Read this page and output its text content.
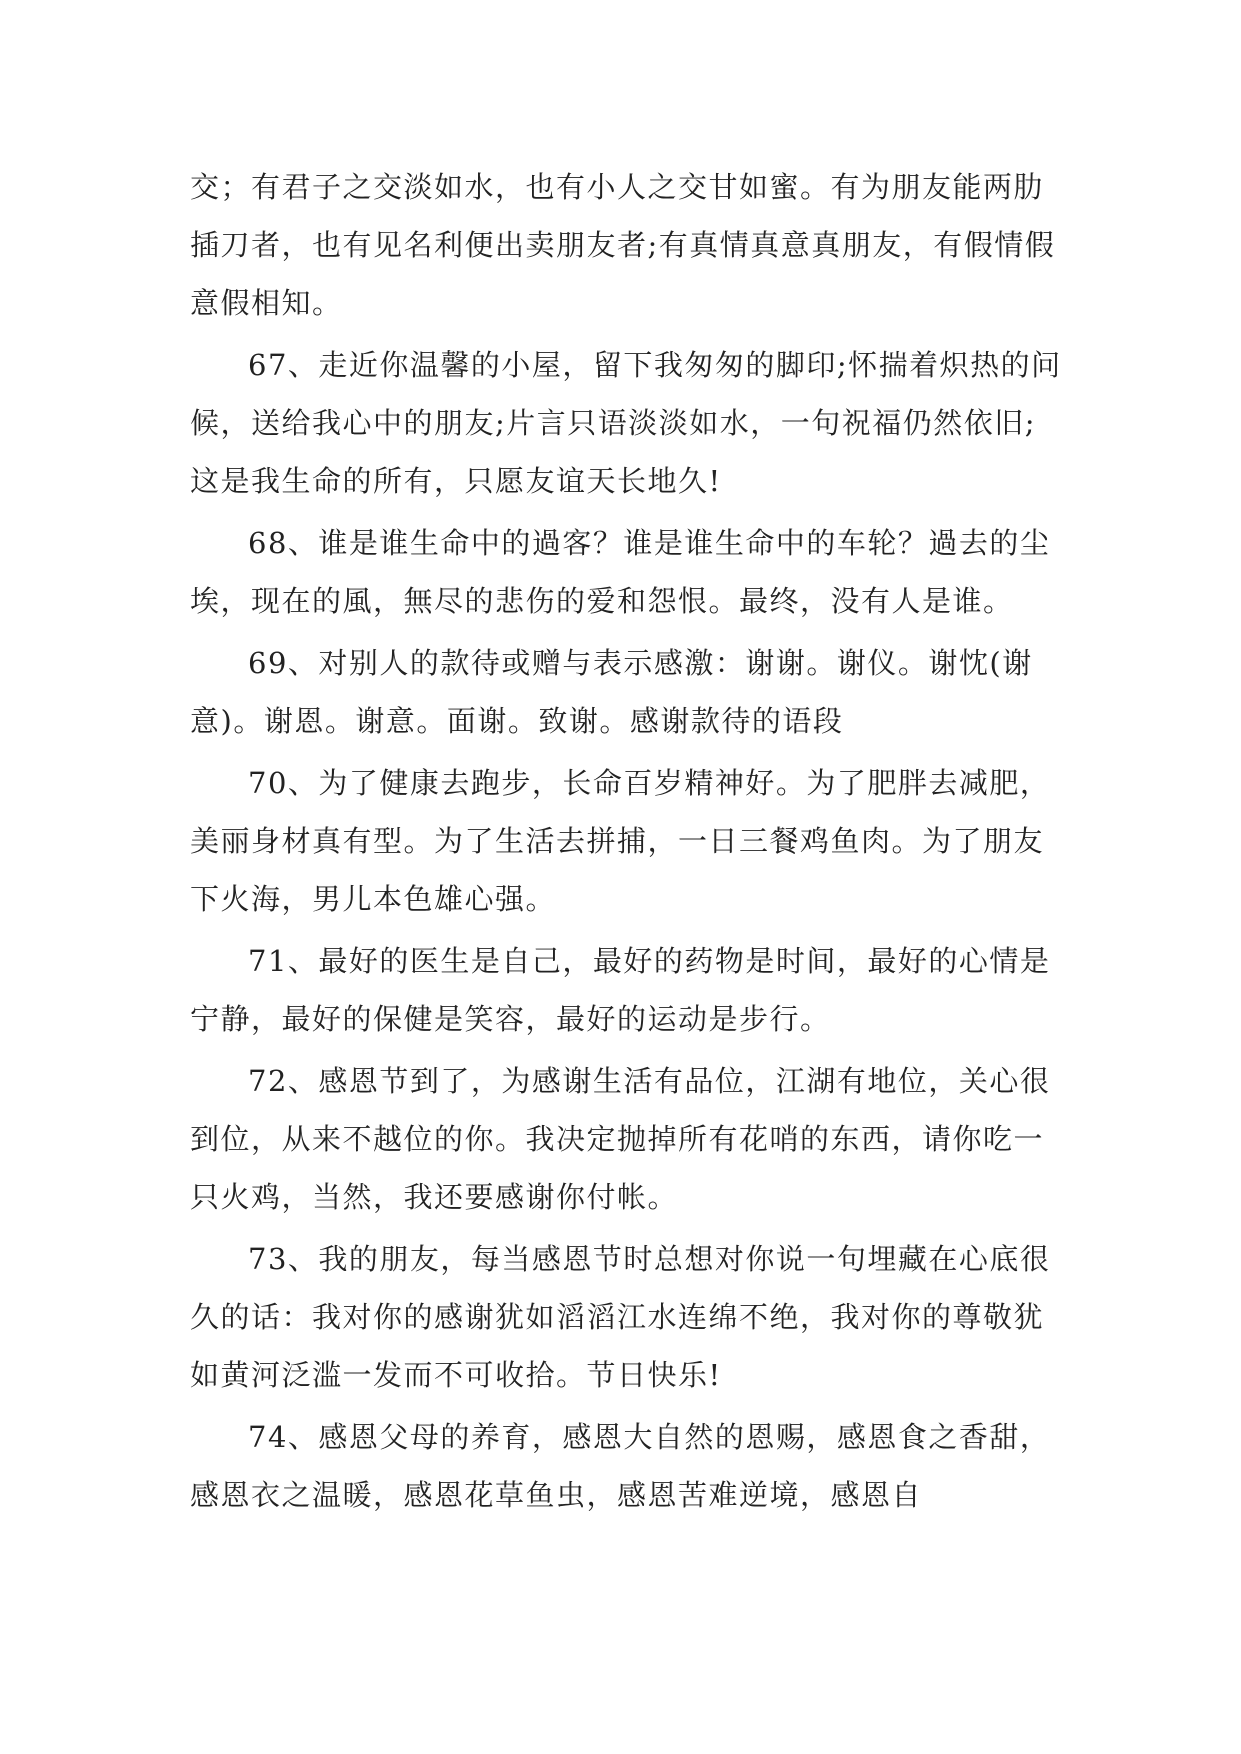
交；有君子之交淡如水，也有小人之交甘如蜜。有为朋友能两肋插刀者，也有见名利便出卖朋友者;有真情真意真朋友，有假情假意假相知。

67、走近你温馨的小屋，留下我匆匆的脚印;怀揣着炽热的问候，送给我心中的朋友;片言只语淡淡如水，一句祝福仍然依旧;这是我生命的所有，只愿友谊天长地久!

68、谁是谁生命中的過客？谁是谁生命中的车轮？過去的尘埃，现在的風，無尽的悲伤的爱和怨恨。最终，没有人是谁。

69、对别人的款待或赠与表示感激：谢谢。谢仪。谢忱(谢意)。谢恩。谢意。面谢。致谢。感谢款待的语段

70、为了健康去跑步，长命百岁精神好。为了肥胖去减肥，美丽身材真有型。为了生活去拼捕，一日三餐鸡鱼肉。为了朋友下火海，男儿本色雄心强。

71、最好的医生是自己，最好的药物是时间，最好的心情是宁静，最好的保健是笑容，最好的运动是步行。

72、感恩节到了，为感谢生活有品位，江湖有地位，关心很到位，从来不越位的你。我决定抛掉所有花哨的东西，请你吃一只火鸡，当然，我还要感谢你付帐。

73、我的朋友，每当感恩节时总想对你说一句埋藏在心底很久的话：我对你的感谢犹如滔滔江水连绵不绝，我对你的尊敬犹如黄河泛滥一发而不可收拾。节日快乐!

74、感恩父母的养育，感恩大自然的恩赐，感恩食之香甜，感恩衣之温暖，感恩花草鱼虫，感恩苦难逆境，感恩自
